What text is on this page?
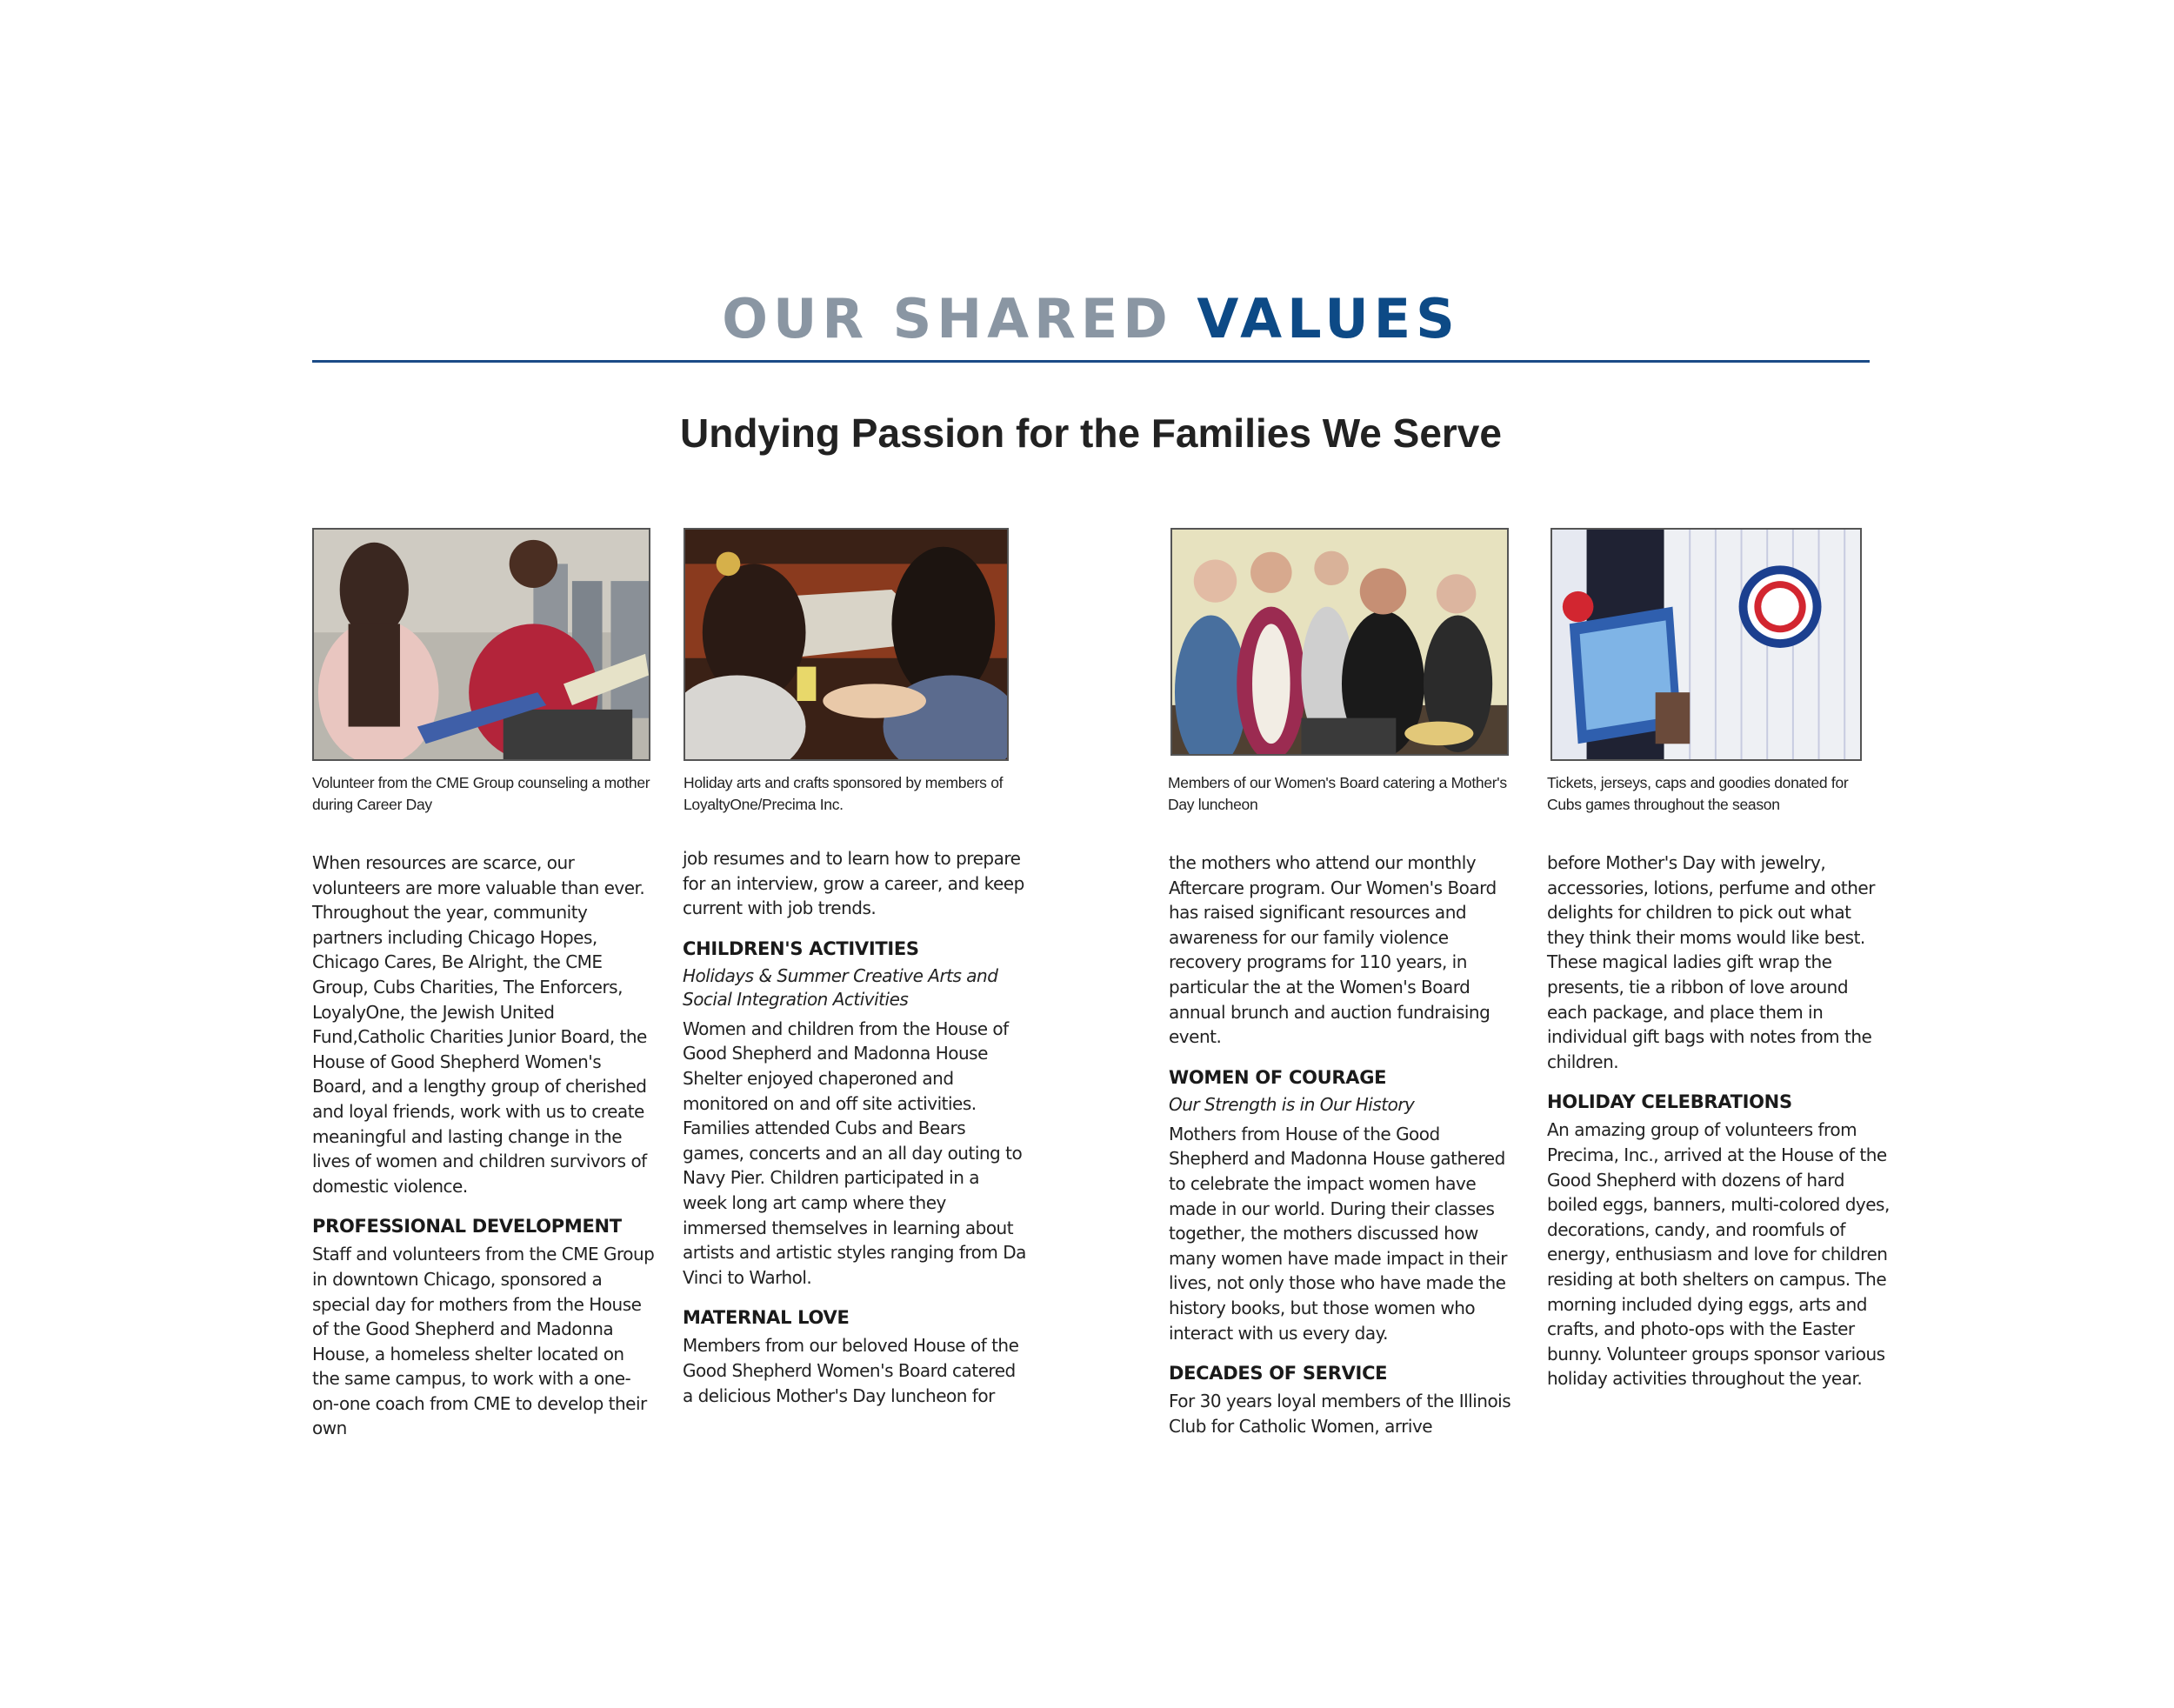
OUR SHARED VALUES
Undying Passion for the Families We Serve
Volunteer from the CME Group counseling a mother during Career Day
Holiday arts and crafts sponsored by members of LoyaltyOne/Precima Inc.
Members of our Women's Board catering a Mother's Day luncheon
Tickets, jerseys, caps and goodies donated for Cubs games throughout the season

When resources are scarce, our volunteers are more valuable than ever. Throughout the year, community partners including Chicago Hopes, Chicago Cares, Be Alright, the CME Group, Cubs Charities, The Enforcers, LoyalyOne, the Jewish United Fund,Catholic Charities Junior Board, the House of Good Shepherd Women's Board, and a lengthy group of cherished and loyal friends, work with us to create meaningful and lasting change in the lives of women and children survivors of domestic violence.

PROFESSIONAL DEVELOPMENT

Staff and volunteers from the CME Group in downtown Chicago, sponsored a special day for mothers from the House of the Good Shepherd and Madonna House, a homeless shelter located on the same campus, to work with a one-on-one coach from CME to develop their own

job resumes and to learn how to prepare for an interview, grow a career, and keep current with job trends.

CHILDREN'S ACTIVITIES

Holidays & Summer Creative Arts and Social Integration Activities

Women and children from the House of Good Shepherd and Madonna House Shelter enjoyed chaperoned and monitored on and off site activities. Families attended Cubs and Bears games, concerts and an all day outing to Navy Pier. Children participated in a week long art camp where they immersed themselves in learning about artists and artistic styles ranging from Da Vinci to Warhol.

MATERNAL LOVE

Members from our beloved House of the Good Shepherd Women's Board catered a delicious Mother's Day luncheon for

the mothers who attend our monthly Aftercare program. Our Women's Board has raised significant resources and awareness for our family violence recovery programs for 110 years, in particular the at the Women's Board annual brunch and auction fundraising event.

WOMEN OF COURAGE

Our Strength is in Our History

Mothers from House of the Good Shepherd and Madonna House gathered to celebrate the impact women have made in our world. During their classes together, the mothers discussed how many women have made impact in their lives, not only those who have made the history books, but those women who interact with us every day.

DECADES OF SERVICE

For 30 years loyal members of the Illinois Club for Catholic Women, arrive

before Mother's Day with jewelry, accessories, lotions, perfume and other delights for children to pick out what they think their moms would like best. These magical ladies gift wrap the presents, tie a ribbon of love around each package, and place them in individual gift bags with notes from the children.

HOLIDAY CELEBRATIONS

An amazing group of volunteers from Precima, Inc., arrived at the House of the Good Shepherd with dozens of hard boiled eggs, banners, multi-colored dyes, decorations, candy, and roomfuls of energy, enthusiasm and love for children residing at both shelters on campus. The morning included dying eggs, arts and crafts, and photo-ops with the Easter bunny. Volunteer groups sponsor various holiday activities throughout the year.
